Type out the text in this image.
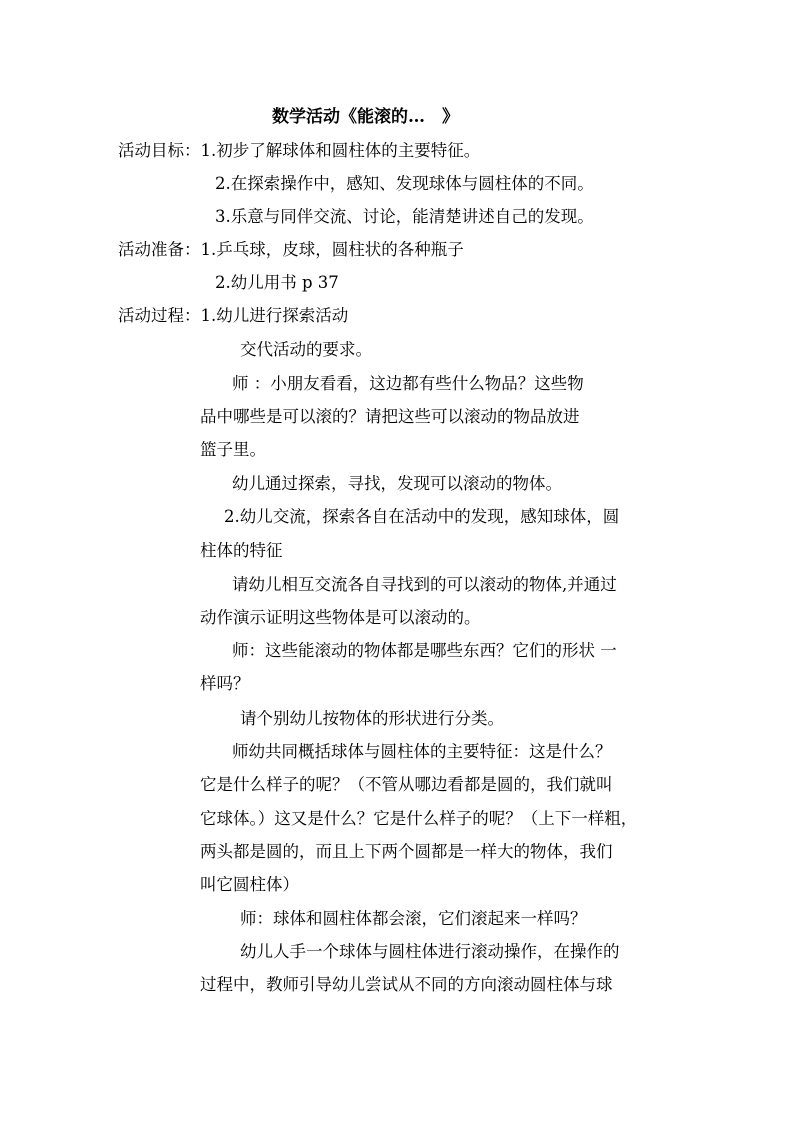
数学活动《能滚的…　》
活动目标：1.初步了解球体和圆柱体的主要特征。
2.在探索操作中，感知、发现球体与圆柱体的不同。
3.乐意与同伴交流、讨论，能清楚讲述自己的发现。
活动准备：1.乒乓球，皮球，圆柱状的各种瓶子
2.幼儿用书 p 37
活动过程：1.幼儿进行探索活动
交代活动的要求。
师 ：小朋友看看，这边都有些什么物品？这些物
品中哪些是可以滚的？请把这些可以滚动的物品放进
篮子里。
幼儿通过探索，寻找，发现可以滚动的物体。
2.幼儿交流，探索各自在活动中的发现，感知球体，圆
柱体的特征
请幼儿相互交流各自寻找到的可以滚动的物体,并通过
动作演示证明这些物体是可以滚动的。
师：这些能滚动的物体都是哪些东西？它们的形状 一
样吗？
请个别幼儿按物体的形状进行分类。
师幼共同概括球体与圆柱体的主要特征：这是什么？
它是什么样子的呢？（不管从哪边看都是圆的，我们就叫
它球体。）这又是什么？它是什么样子的呢？（上下一样粗，
两头都是圆的，而且上下两个圆都是一样大的物体，我们
叫它圆柱体）
师：球体和圆柱体都会滚，它们滚起来一样吗？
幼儿人手一个球体与圆柱体进行滚动操作，在操作的
过程中，教师引导幼儿尝试从不同的方向滚动圆柱体与球
